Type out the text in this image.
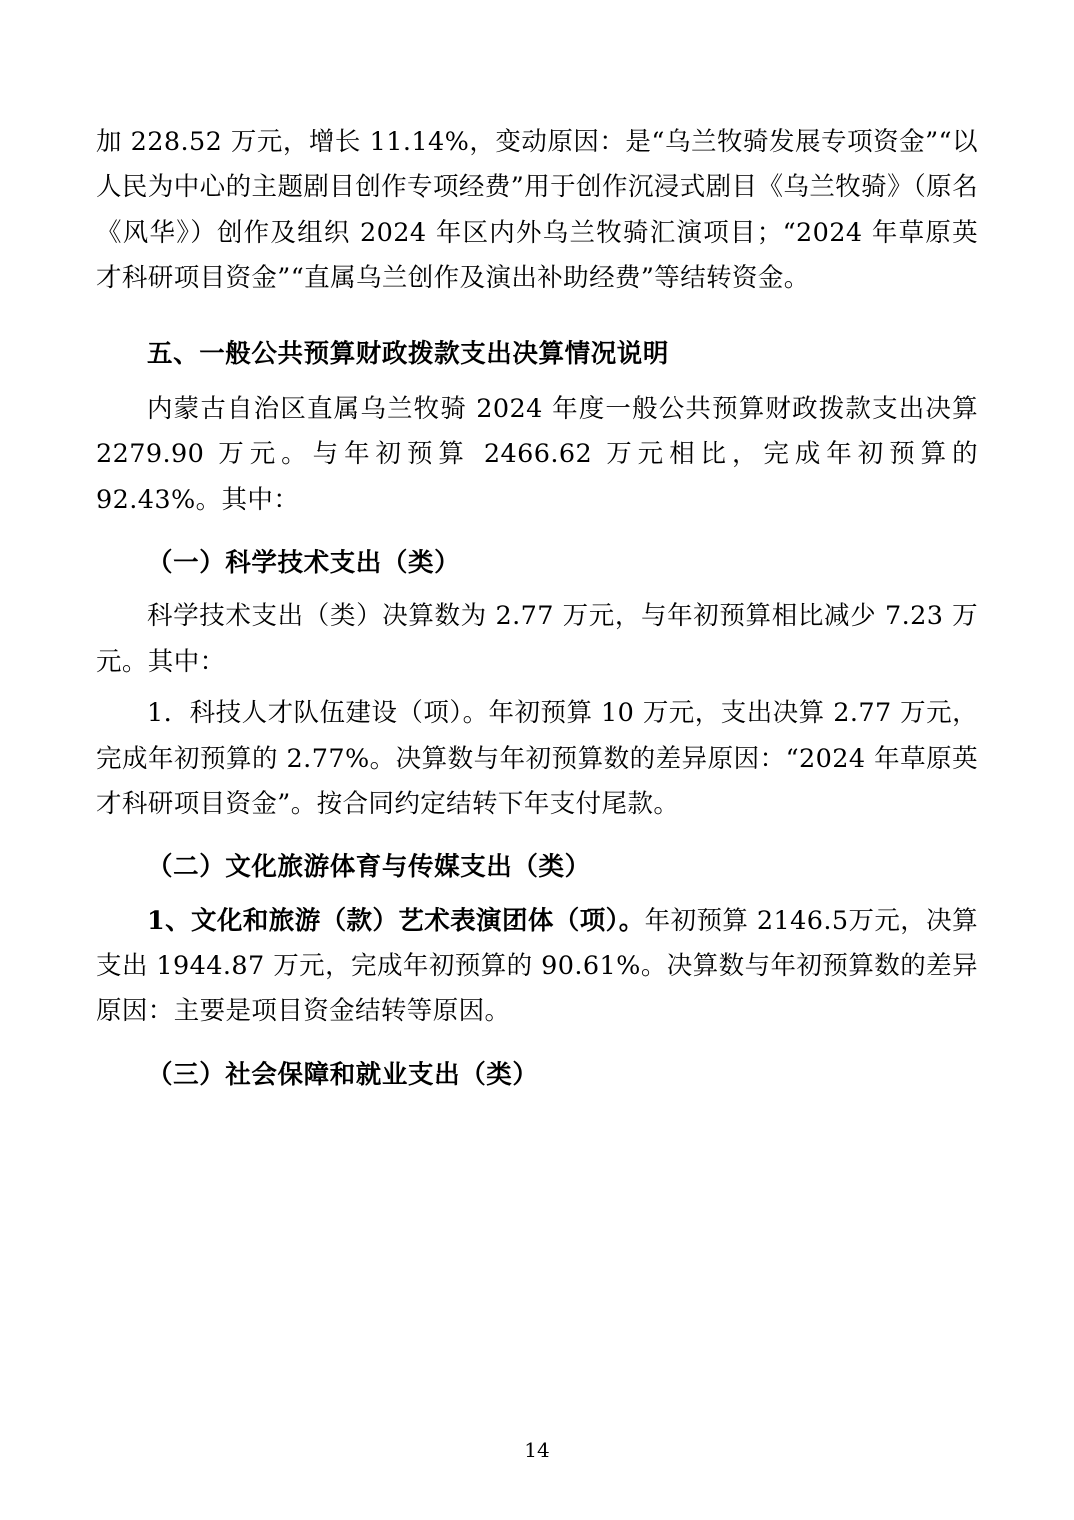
加 228.52 万元，增长 11.14%，变动原因：是“乌兰牧骑发展专项资金”“以人民为中心的主题剧目创作专项经费”用于创作沉浸式剧目《乌兰牧骑》（原名《风华》）创作及组织 2024 年区内外乌兰牧骑汇演项目；“2024 年草原英才科研项目资金”“直属乌兰创作及演出补助经费”等结转资金。

五、一般公共预算财政拨款支出决算情况说明

内蒙古自治区直属乌兰牧骑 2024 年度一般公共预算财政拨款支出决算 2279.90 万元。与年初预算 2466.62 万元相比，完成年初预算的 92.43%。其中：

（一）科学技术支出（类）

科学技术支出（类）决算数为 2.77 万元，与年初预算相比减少 7.23 万元。其中：

1．科技人才队伍建设（项）。年初预算 10 万元，支出决算 2.77 万元，完成年初预算的 2.77%。决算数与年初预算数的差异原因：“2024 年草原英才科研项目资金”。按合同约定结转下年支付尾款。

（二）文化旅游体育与传媒支出（类）

1、文化和旅游（款）艺术表演团体（项）。年初预算 2146.5万元，决算支出 1944.87 万元，完成年初预算的 90.61%。决算数与年初预算数的差异原因：主要是项目资金结转等原因。

（三）社会保障和就业支出（类）
14
